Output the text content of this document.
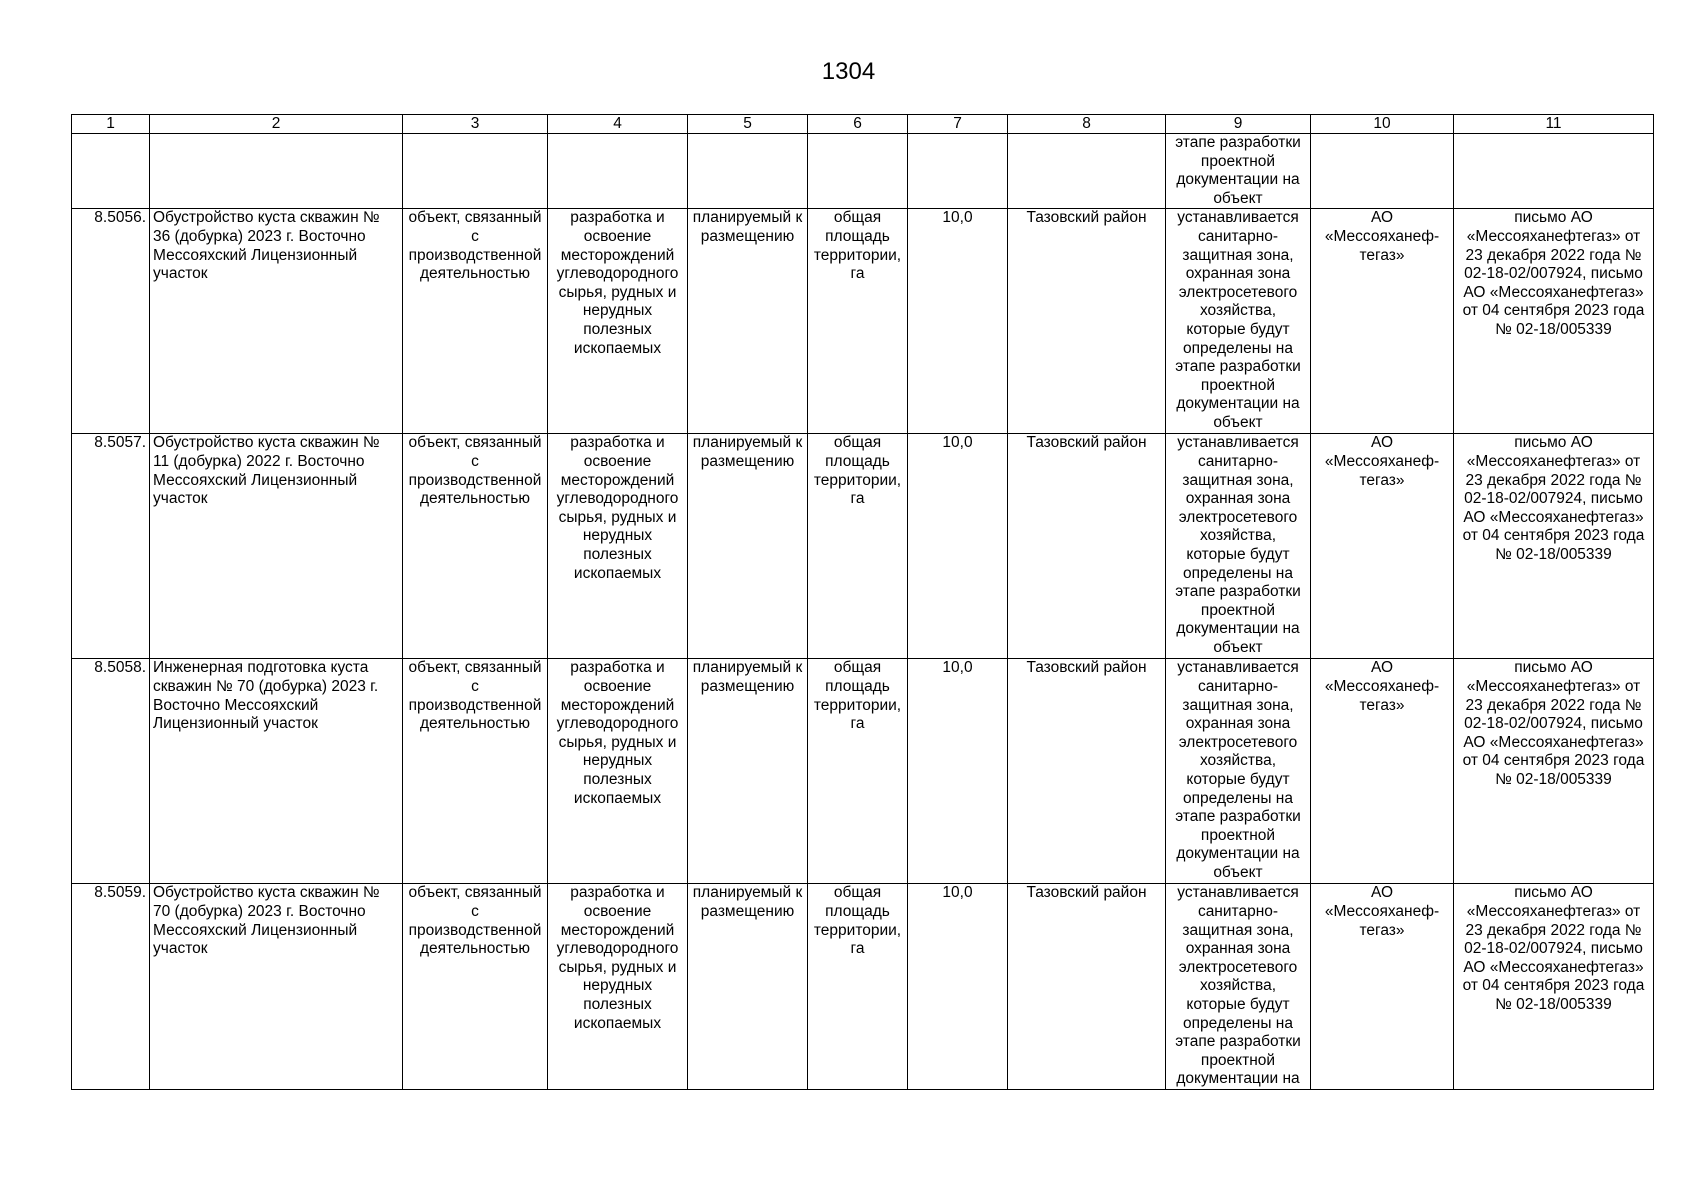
1304
1	2	3	4	5	6	7	8	9	10	11
								этапе разработки проектной документации на объект		
8.5056.	Обустройство куста скважин № 36 (добурка) 2023 г. Восточно Мессояхский Лицензионный участок	объект, связанный с производственной деятельностью	разработка и освоение месторождений углеводородного сырья, рудных и нерудных полезных ископаемых	планируемый к размещению	общая площадь территории, га	10,0	Тазовский район	устанавливается санитарно-защитная зона, охранная зона электросетевого хозяйства, которые будут определены на этапе разработки проектной документации на объект	АО «Мессояханеф-тегаз»	письмо АО «Мессояханефтегаз» от 23 декабря 2022 года № 02-18-02/007924, письмо АО «Мессояханефтегаз» от 04 сентября 2023 года № 02-18/005339
8.5057.	Обустройство куста скважин № 11 (добурка) 2022 г. Восточно Мессояхский Лицензионный участок	объект, связанный с производственной деятельностью	разработка и освоение месторождений углеводородного сырья, рудных и нерудных полезных ископаемых	планируемый к размещению	общая площадь территории, га	10,0	Тазовский район	устанавливается санитарно-защитная зона, охранная зона электросетевого хозяйства, которые будут определены на этапе разработки проектной документации на объект	АО «Мессояханеф-тегаз»	письмо АО «Мессояханефтегаз» от 23 декабря 2022 года № 02-18-02/007924, письмо АО «Мессояханефтегаз» от 04 сентября 2023 года № 02-18/005339
8.5058.	Инженерная подготовка куста скважин № 70 (добурка) 2023 г. Восточно Мессояхский Лицензионный участок	объект, связанный с производственной деятельностью	разработка и освоение месторождений углеводородного сырья, рудных и нерудных полезных ископаемых	планируемый к размещению	общая площадь территории, га	10,0	Тазовский район	устанавливается санитарно-защитная зона, охранная зона электросетевого хозяйства, которые будут определены на этапе разработки проектной документации на объект	АО «Мессояханеф-тегаз»	письмо АО «Мессояханефтегаз» от 23 декабря 2022 года № 02-18-02/007924, письмо АО «Мессояханефтегаз» от 04 сентября 2023 года № 02-18/005339
8.5059.	Обустройство куста скважин № 70 (добурка) 2023 г. Восточно Мессояхский Лицензионный участок	объект, связанный с производственной деятельностью	разработка и освоение месторождений углеводородного сырья, рудных и нерудных полезных ископаемых	планируемый к размещению	общая площадь территории, га	10,0	Тазовский район	устанавливается санитарно-защитная зона, охранная зона электросетевого хозяйства, которые будут определены на этапе разработки проектной документации на	АО «Мессояханеф-тегаз»	письмо АО «Мессояханефтегаз» от 23 декабря 2022 года № 02-18-02/007924, письмо АО «Мессояханефтегаз» от 04 сентября 2023 года № 02-18/005339
